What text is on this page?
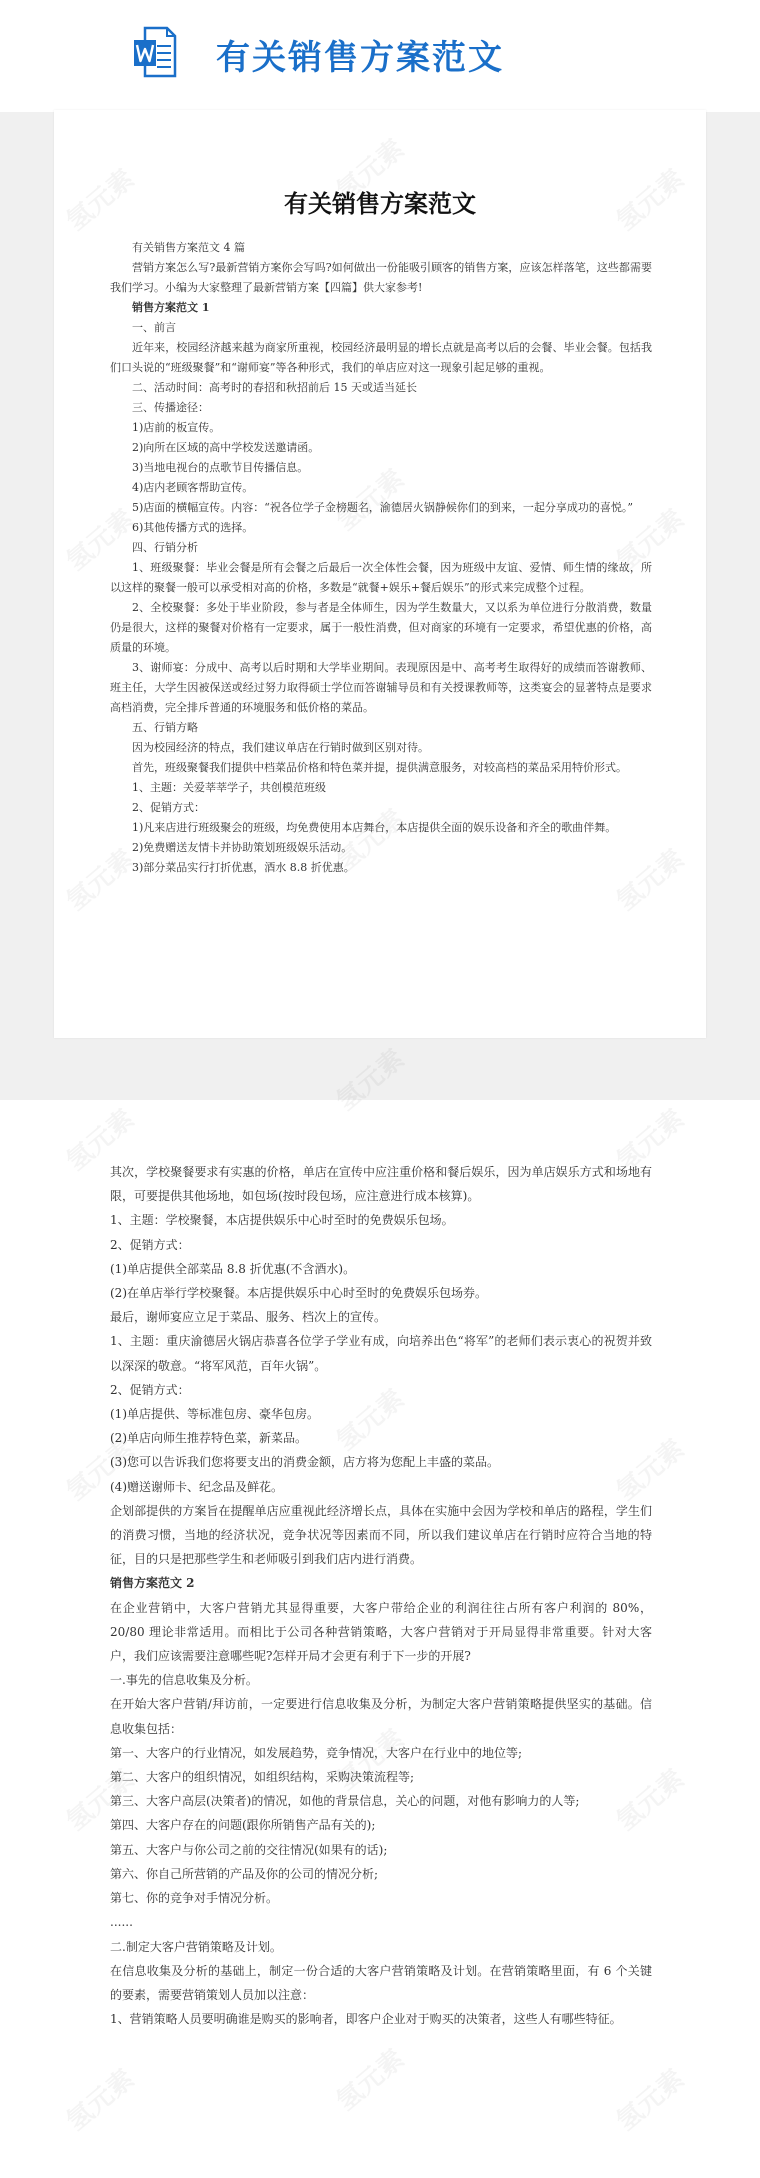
有关销售方案范文
有关销售方案范文
有关销售方案范文 4 篇
营销方案怎么写?最新营销方案你会写吗?如何做出一份能吸引顾客的销售方案，应该怎样落笔，这些都需要我们学习。小编为大家整理了最新营销方案【四篇】供大家参考!
销售方案范文 1
一、前言
近年来，校园经济越来越为商家所重视，校园经济最明显的增长点就是高考以后的会餐、毕业会餐。包括我们口头说的“班级聚餐”和“谢师宴”等各种形式，我们的单店应对这一现象引起足够的重视。
二、活动时间：高考时的春招和秋招前后 15 天或适当延长
三、传播途径：
1)店前的板宣传。
2)向所在区域的高中学校发送邀请函。
3)当地电视台的点歌节目传播信息。
4)店内老顾客帮助宣传。
5)店面的横幅宣传。内容：“祝各位学子金榜题名，渝德居火锅静候你们的到来，一起分享成功的喜悦。”
6)其他传播方式的选择。
四、行销分析
1、班级聚餐：毕业会餐是所有会餐之后最后一次全体性会餐，因为班级中友谊、爱情、师生情的缘故，所以这样的聚餐一般可以承受相对高的价格，多数是“就餐+娱乐+餐后娱乐”的形式来完成整个过程。
2、全校聚餐：多处于毕业阶段，参与者是全体师生，因为学生数量大，又以系为单位进行分散消费，数量仍是很大，这样的聚餐对价格有一定要求，属于一般性消费，但对商家的环境有一定要求，希望优惠的价格，高质量的环境。
3、谢师宴：分成中、高考以后时期和大学毕业期间。表现原因是中、高考考生取得好的成绩而答谢教师、班主任，大学生因被保送或经过努力取得硕士学位而答谢辅导员和有关授课教师等，这类宴会的显著特点是要求高档消费，完全排斥普通的环境服务和低价格的菜品。
五、行销方略
因为校园经济的特点，我们建议单店在行销时做到区别对待。
首先，班级聚餐我们提供中档菜品价格和特色菜并提，提供满意服务，对较高档的菜品采用特价形式。
1、主题：关爱莘莘学子，共创模范班级
2、促销方式：
1)凡来店进行班级聚会的班级，均免费使用本店舞台，本店提供全面的娱乐设备和齐全的歌曲伴舞。
2)免费赠送友情卡并协助策划班级娱乐活动。
3)部分菜品实行打折优惠，酒水 8.8 折优惠。
其次，学校聚餐要求有实惠的价格，单店在宣传中应注重价格和餐后娱乐，因为单店娱乐方式和场地有限，可要提供其他场地，如包场(按时段包场，应注意进行成本核算)。
1、主题：学校聚餐，本店提供娱乐中心时至时的免费娱乐包场。
2、促销方式：
(1)单店提供全部菜品 8.8 折优惠(不含酒水)。
(2)在单店举行学校聚餐。本店提供娱乐中心时至时的免费娱乐包场券。
最后，谢师宴应立足于菜品、服务、档次上的宣传。
1、主题：重庆渝德居火锅店恭喜各位学子学业有成，向培养出色“将军”的老师们表示衷心的祝贺并致以深深的敬意。“将军风范，百年火锅”。
2、促销方式：
(1)单店提供、等标准包房、豪华包房。
(2)单店向师生推荐特色菜，新菜品。
(3)您可以告诉我们您将要支出的消费金额，店方将为您配上丰盛的菜品。
(4)赠送谢师卡、纪念品及鲜花。
企划部提供的方案旨在提醒单店应重视此经济增长点，具体在实施中会因为学校和单店的路程，学生们的消费习惯，当地的经济状况，竞争状况等因素而不同，所以我们建议单店在行销时应符合当地的特征，目的只是把那些学生和老师吸引到我们店内进行消费。
销售方案范文 2
在企业营销中，大客户营销尤其显得重要，大客户带给企业的利润往往占所有客户利润的 80%，20/80 理论非常适用。而相比于公司各种营销策略，大客户营销对于开局显得非常重要。针对大客户，我们应该需要注意哪些呢?怎样开局才会更有利于下一步的开展?
一.事先的信息收集及分析。
在开始大客户营销/拜访前，一定要进行信息收集及分析，为制定大客户营销策略提供坚实的基础。信息收集包括：
第一、大客户的行业情况，如发展趋势，竞争情况，大客户在行业中的地位等;
第二、大客户的组织情况，如组织结构，采购决策流程等;
第三、大客户高层(决策者)的情况，如他的背景信息，关心的问题，对他有影响力的人等;
第四、大客户存在的问题(跟你所销售产品有关的);
第五、大客户与你公司之前的交往情况(如果有的话);
第六、你自己所营销的产品及你的公司的情况分析;
第七、你的竞争对手情况分析。
......
二.制定大客户营销策略及计划。
在信息收集及分析的基础上，制定一份合适的大客户营销策略及计划。在营销策略里面，有 6 个关键的要素，需要营销策划人员加以注意：
1、营销策略人员要明确谁是购买的影响者，即客户企业对于购买的决策者，这些人有哪些特征。
